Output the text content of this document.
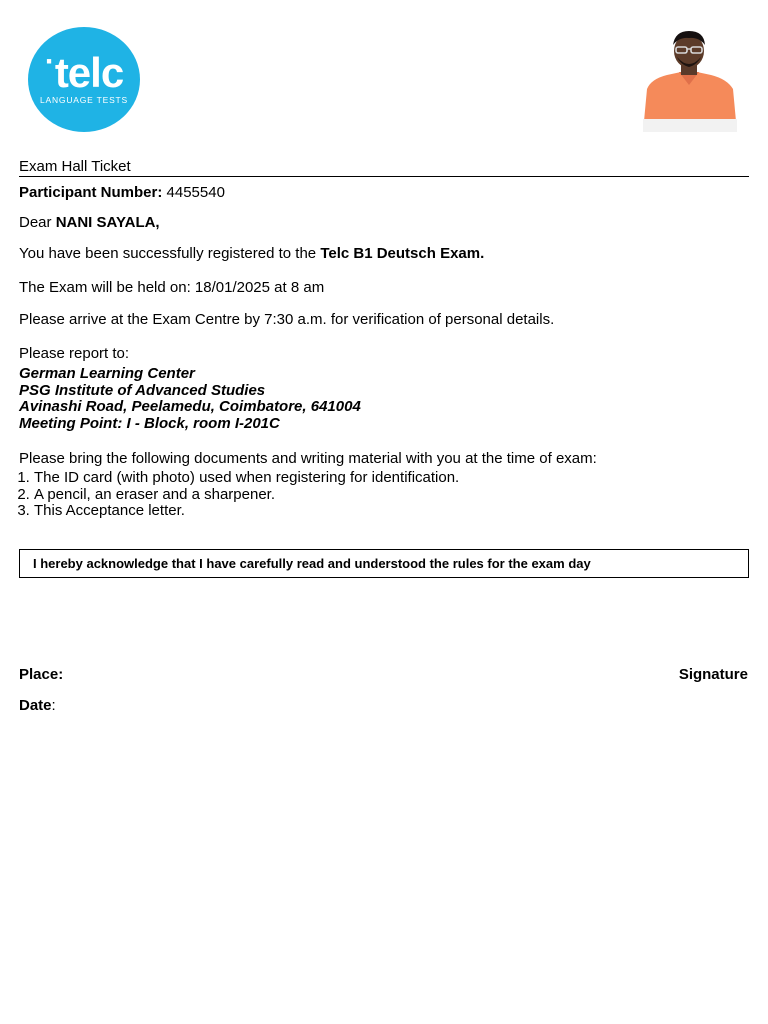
·telc
LANGUAGE TESTS
Exam Hall Ticket
Participant Number: 4455540
Dear NANI SAYALA,
You have been successfully registered to the Telc B1 Deutsch Exam.
The Exam will be held on: 18/01/2025 at 8 am
Please arrive at the Exam Centre by 7:30 a.m. for verification of personal details.
Please report to:
German Learning Center
PSG Institute of Advanced Studies
Avinashi Road, Peelamedu, Coimbatore, 641004
Meeting Point: I - Block, room I-201C
Please bring the following documents and writing material with you at the time of exam:
1. The ID card (with photo) used when registering for identification.
2. A pencil, an eraser and a sharpener.
3. This Acceptance letter.
I hereby acknowledge that I have carefully read and understood the rules for the exam day
Place:	Signature
Date:
